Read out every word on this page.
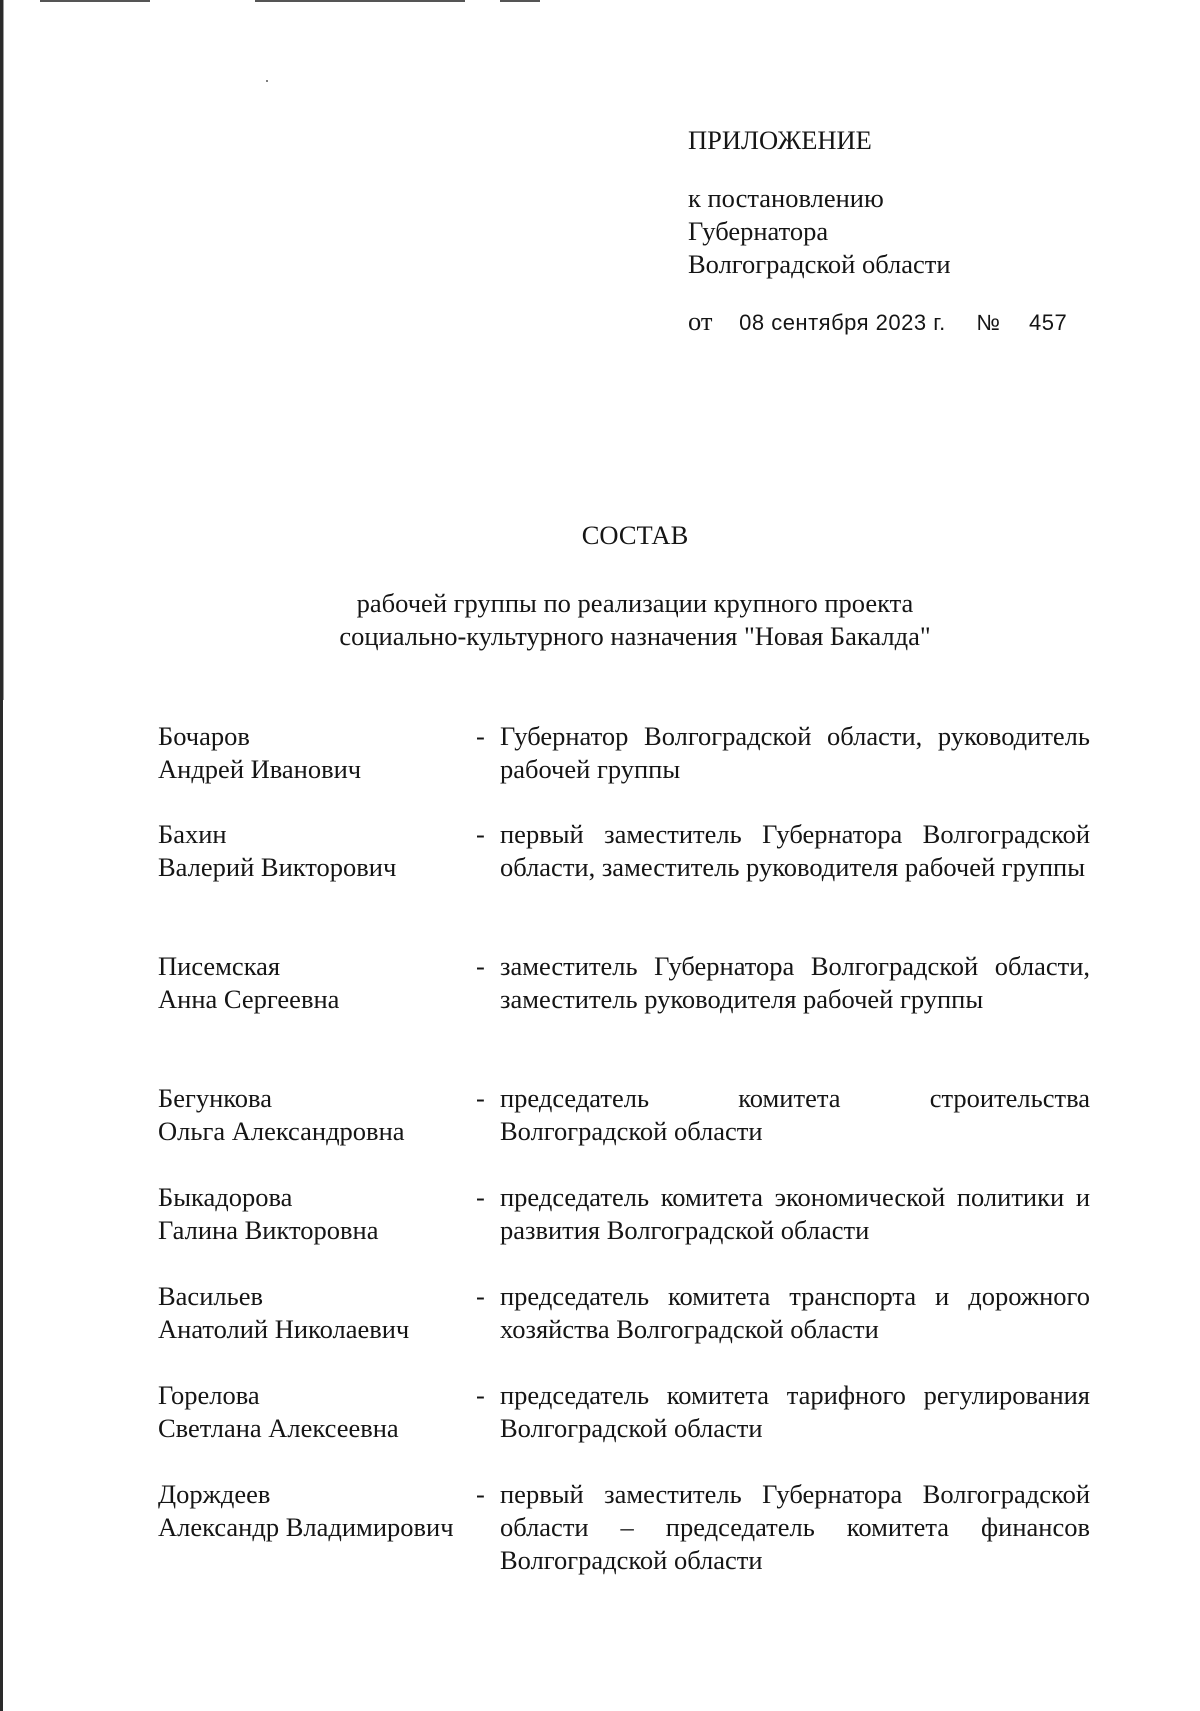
ПРИЛОЖЕНИЕ
к постановлению
Губернатора
Волгоградской области
от 08 сентября 2023 г. № 457
СОСТАВ
рабочей группы по реализации крупного проекта
социально-культурного назначения "Новая Бакалда"
Бочаров
Андрей Иванович
- Губернатор Волгоградской области, руководитель рабочей группы
Бахин
Валерий Викторович
- первый заместитель Губернатора Волгоградской области, заместитель руководителя рабочей группы
Писемская
Анна Сергеевна
- заместитель Губернатора Волгоградской области, заместитель руководителя рабочей группы
Бегункова
Ольга Александровна
- председатель комитета строительства Волгоградской области
Быкадорова
Галина Викторовна
- председатель комитета экономической политики и развития Волгоградской области
Васильев
Анатолий Николаевич
- председатель комитета транспорта и дорожного хозяйства Волгоградской области
Горелова
Светлана Алексеевна
- председатель комитета тарифного регулирования Волгоградской области
Дорждеев
Александр Владимирович
- первый заместитель Губернатора Волгоградской области – председатель комитета финансов Волгоградской области
